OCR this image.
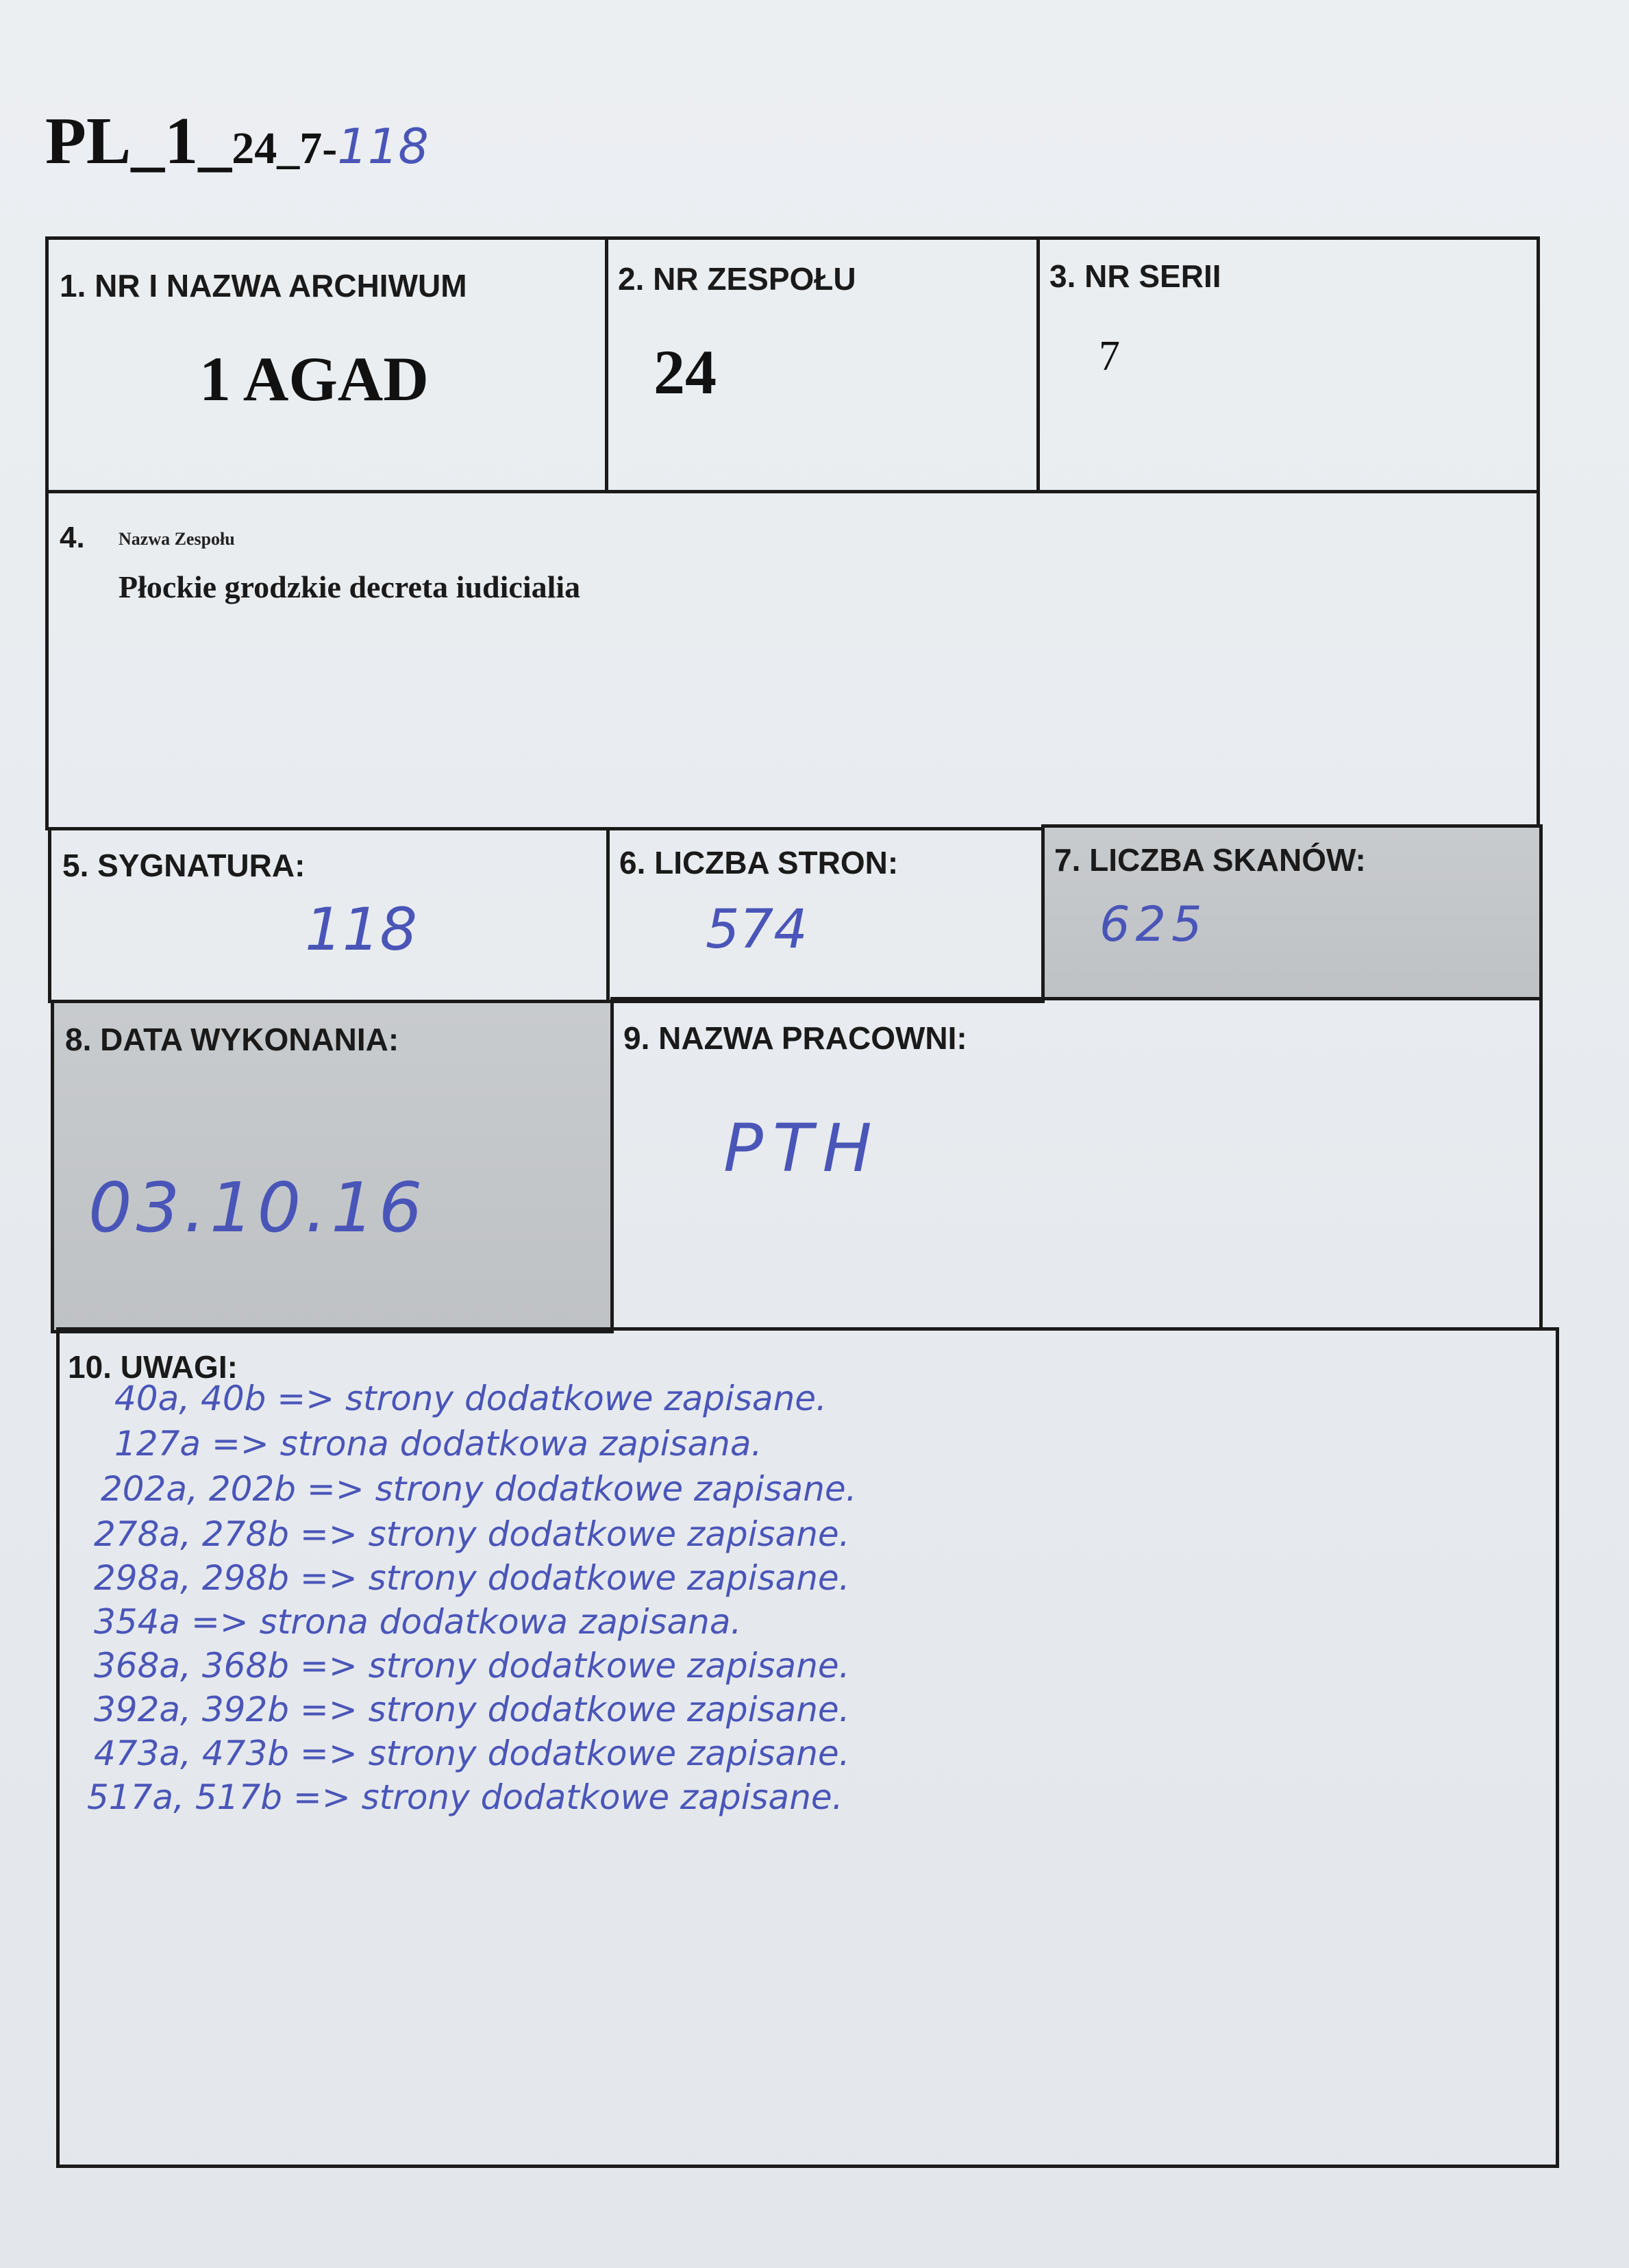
PL_1_24_7-118
1. NR I NAZWA ARCHIWUM
1 AGAD
2. NR ZESPOŁU
24
3. NR SERII
7
4. Nazwa Zespołu
Płockie grodzkie decreta iudicialia
5. SYGNATURA:
118
6. LICZBA STRON:
574
7. LICZBA SKANÓW:
625
8. DATA WYKONANIA:
03.10.16
9. NAZWA PRACOWNI:
PTH
10. UWAGI:
40a, 40b => strony dodatkowe zapisane.
127a => strona dodatkowa zapisana.
202a, 202b => strony dodatkowe zapisane.
278a, 278b => strony dodatkowe zapisane.
298a, 298b => strony dodatkowe zapisane.
354a => strona dodatkowa zapisana.
368a, 368b => strony dodatkowe zapisane.
392a, 392b => strony dodatkowe zapisane.
473a, 473b => strony dodatkowe zapisane.
517a, 517b => strony dodatkowe zapisane.
